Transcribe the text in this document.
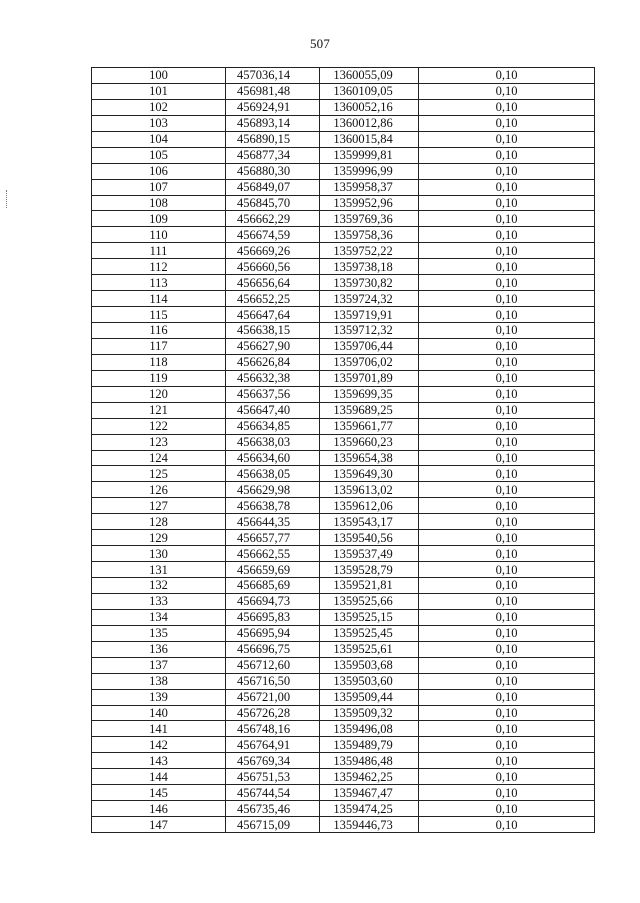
507
100	457036,14	1360055,09	0,10
101	456981,48	1360109,05	0,10
102	456924,91	1360052,16	0,10
103	456893,14	1360012,86	0,10
104	456890,15	1360015,84	0,10
105	456877,34	1359999,81	0,10
106	456880,30	1359996,99	0,10
107	456849,07	1359958,37	0,10
108	456845,70	1359952,96	0,10
109	456662,29	1359769,36	0,10
110	456674,59	1359758,36	0,10
111	456669,26	1359752,22	0,10
112	456660,56	1359738,18	0,10
113	456656,64	1359730,82	0,10
114	456652,25	1359724,32	0,10
115	456647,64	1359719,91	0,10
116	456638,15	1359712,32	0,10
117	456627,90	1359706,44	0,10
118	456626,84	1359706,02	0,10
119	456632,38	1359701,89	0,10
120	456637,56	1359699,35	0,10
121	456647,40	1359689,25	0,10
122	456634,85	1359661,77	0,10
123	456638,03	1359660,23	0,10
124	456634,60	1359654,38	0,10
125	456638,05	1359649,30	0,10
126	456629,98	1359613,02	0,10
127	456638,78	1359612,06	0,10
128	456644,35	1359543,17	0,10
129	456657,77	1359540,56	0,10
130	456662,55	1359537,49	0,10
131	456659,69	1359528,79	0,10
132	456685,69	1359521,81	0,10
133	456694,73	1359525,66	0,10
134	456695,83	1359525,15	0,10
135	456695,94	1359525,45	0,10
136	456696,75	1359525,61	0,10
137	456712,60	1359503,68	0,10
138	456716,50	1359503,60	0,10
139	456721,00	1359509,44	0,10
140	456726,28	1359509,32	0,10
141	456748,16	1359496,08	0,10
142	456764,91	1359489,79	0,10
143	456769,34	1359486,48	0,10
144	456751,53	1359462,25	0,10
145	456744,54	1359467,47	0,10
146	456735,46	1359474,25	0,10
147	456715,09	1359446,73	0,10
